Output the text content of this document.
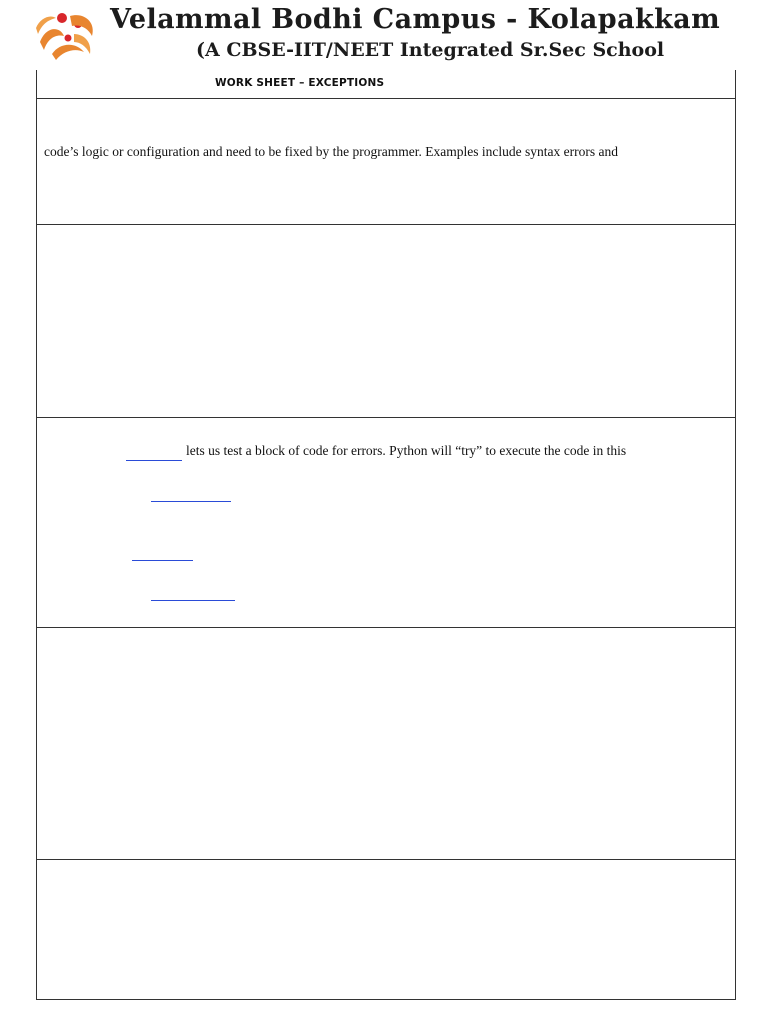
Velammal Bodhi Campus - Kolapakkam
(A CBSE-IIT/NEET Integrated Sr.Sec School
WORK SHEET – EXCEPTIONS
code’s logic or configuration and need to be fixed by the programmer. Examples include syntax errors and
lets us test a block of code for errors. Python will “try” to execute the code in this
